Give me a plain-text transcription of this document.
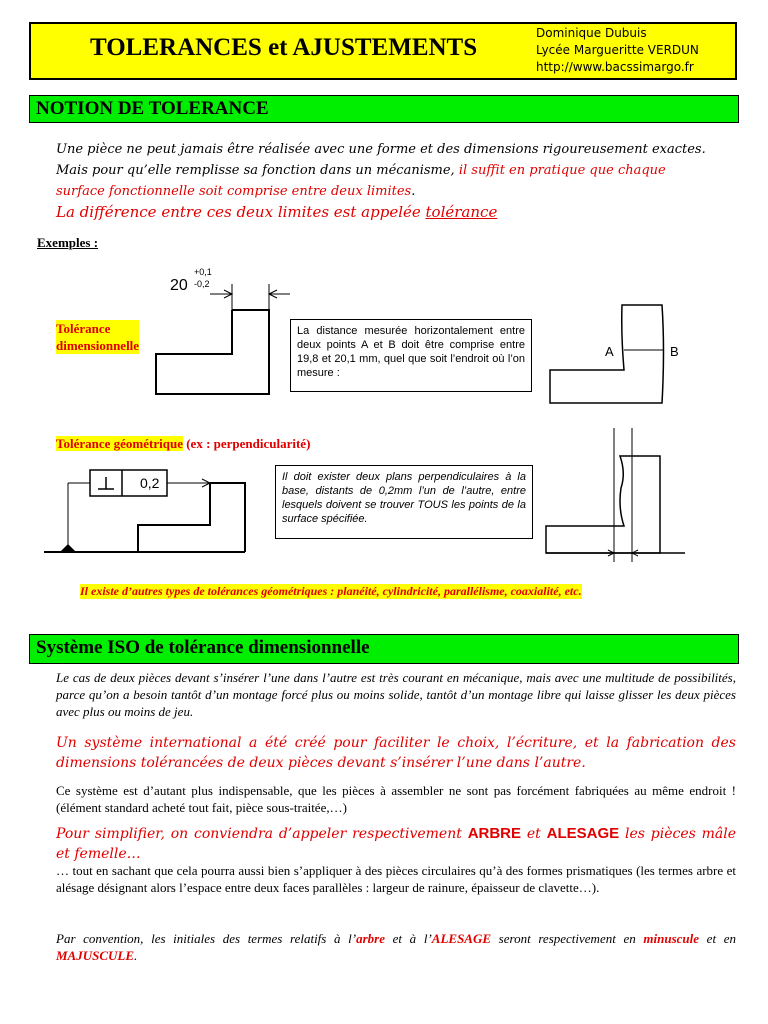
TOLERANCES et AJUSTEMENTS
Dominique Dubuis
Lycée Margueritte VERDUN
http://www.bacssimargo.fr
NOTION DE TOLERANCE

Une pièce ne peut jamais être réalisée avec une forme et des dimensions rigoureusement exactes.

Mais pour qu’elle remplisse sa fonction dans un mécanisme, il suffit en pratique que chaque

surface fonctionnelle soit comprise entre deux limites.

La différence entre ces deux limites est appelée tolérance

Exemples :
Tolérance
dimensionnelle
20
+0,1
-0,2
La distance mesurée horizontalement entre deux points A et B doit être comprise entre 19,8 et 20,1 mm, quel que soit l’endroit où l’on mesure :
A	B
Tolérance géométrique (ex : perpendicularité)
0,2	Il doit exister deux plans perpendiculaires à la base, distants de 0,2mm l’un de l’autre, entre lesquels doivent se trouver TOUS les points de la surface spécifiée.
Il existe d’autres types de tolérances géométriques : planéité, cylindricité, parallélisme, coaxialité, etc.
Système ISO de tolérance dimensionnelle

Le cas de deux pièces devant s’insérer l’une dans l’autre est très courant en mécanique, mais avec une multitude de possibilités, parce qu’on a besoin tantôt d’un montage forcé plus ou moins solide, tantôt d’un montage libre qui laisse glisser les deux pièces avec plus ou moins de jeu.

Un système international a été créé pour faciliter le choix, l’écriture, et la fabrication des dimensions tolérancées de deux pièces devant s’insérer l’une dans l’autre.

Ce système est d’autant plus indispensable, que les pièces à assembler ne sont pas forcément fabriquées au même endroit ! (élément standard acheté tout fait, pièce sous-traitée,…)

Pour simplifier, on conviendra d’appeler respectivement ARBRE et ALESAGE les pièces mâle et femelle…

… tout en sachant que cela pourra aussi bien s’appliquer à des pièces circulaires qu’à des formes prismatiques (les termes arbre et alésage désignant alors l’espace entre deux faces parallèles : largeur de rainure, épaisseur de clavette…).

Par convention, les initiales des termes relatifs à l’arbre et à l’ALESAGE seront respectivement en minuscule et en MAJUSCULE.
